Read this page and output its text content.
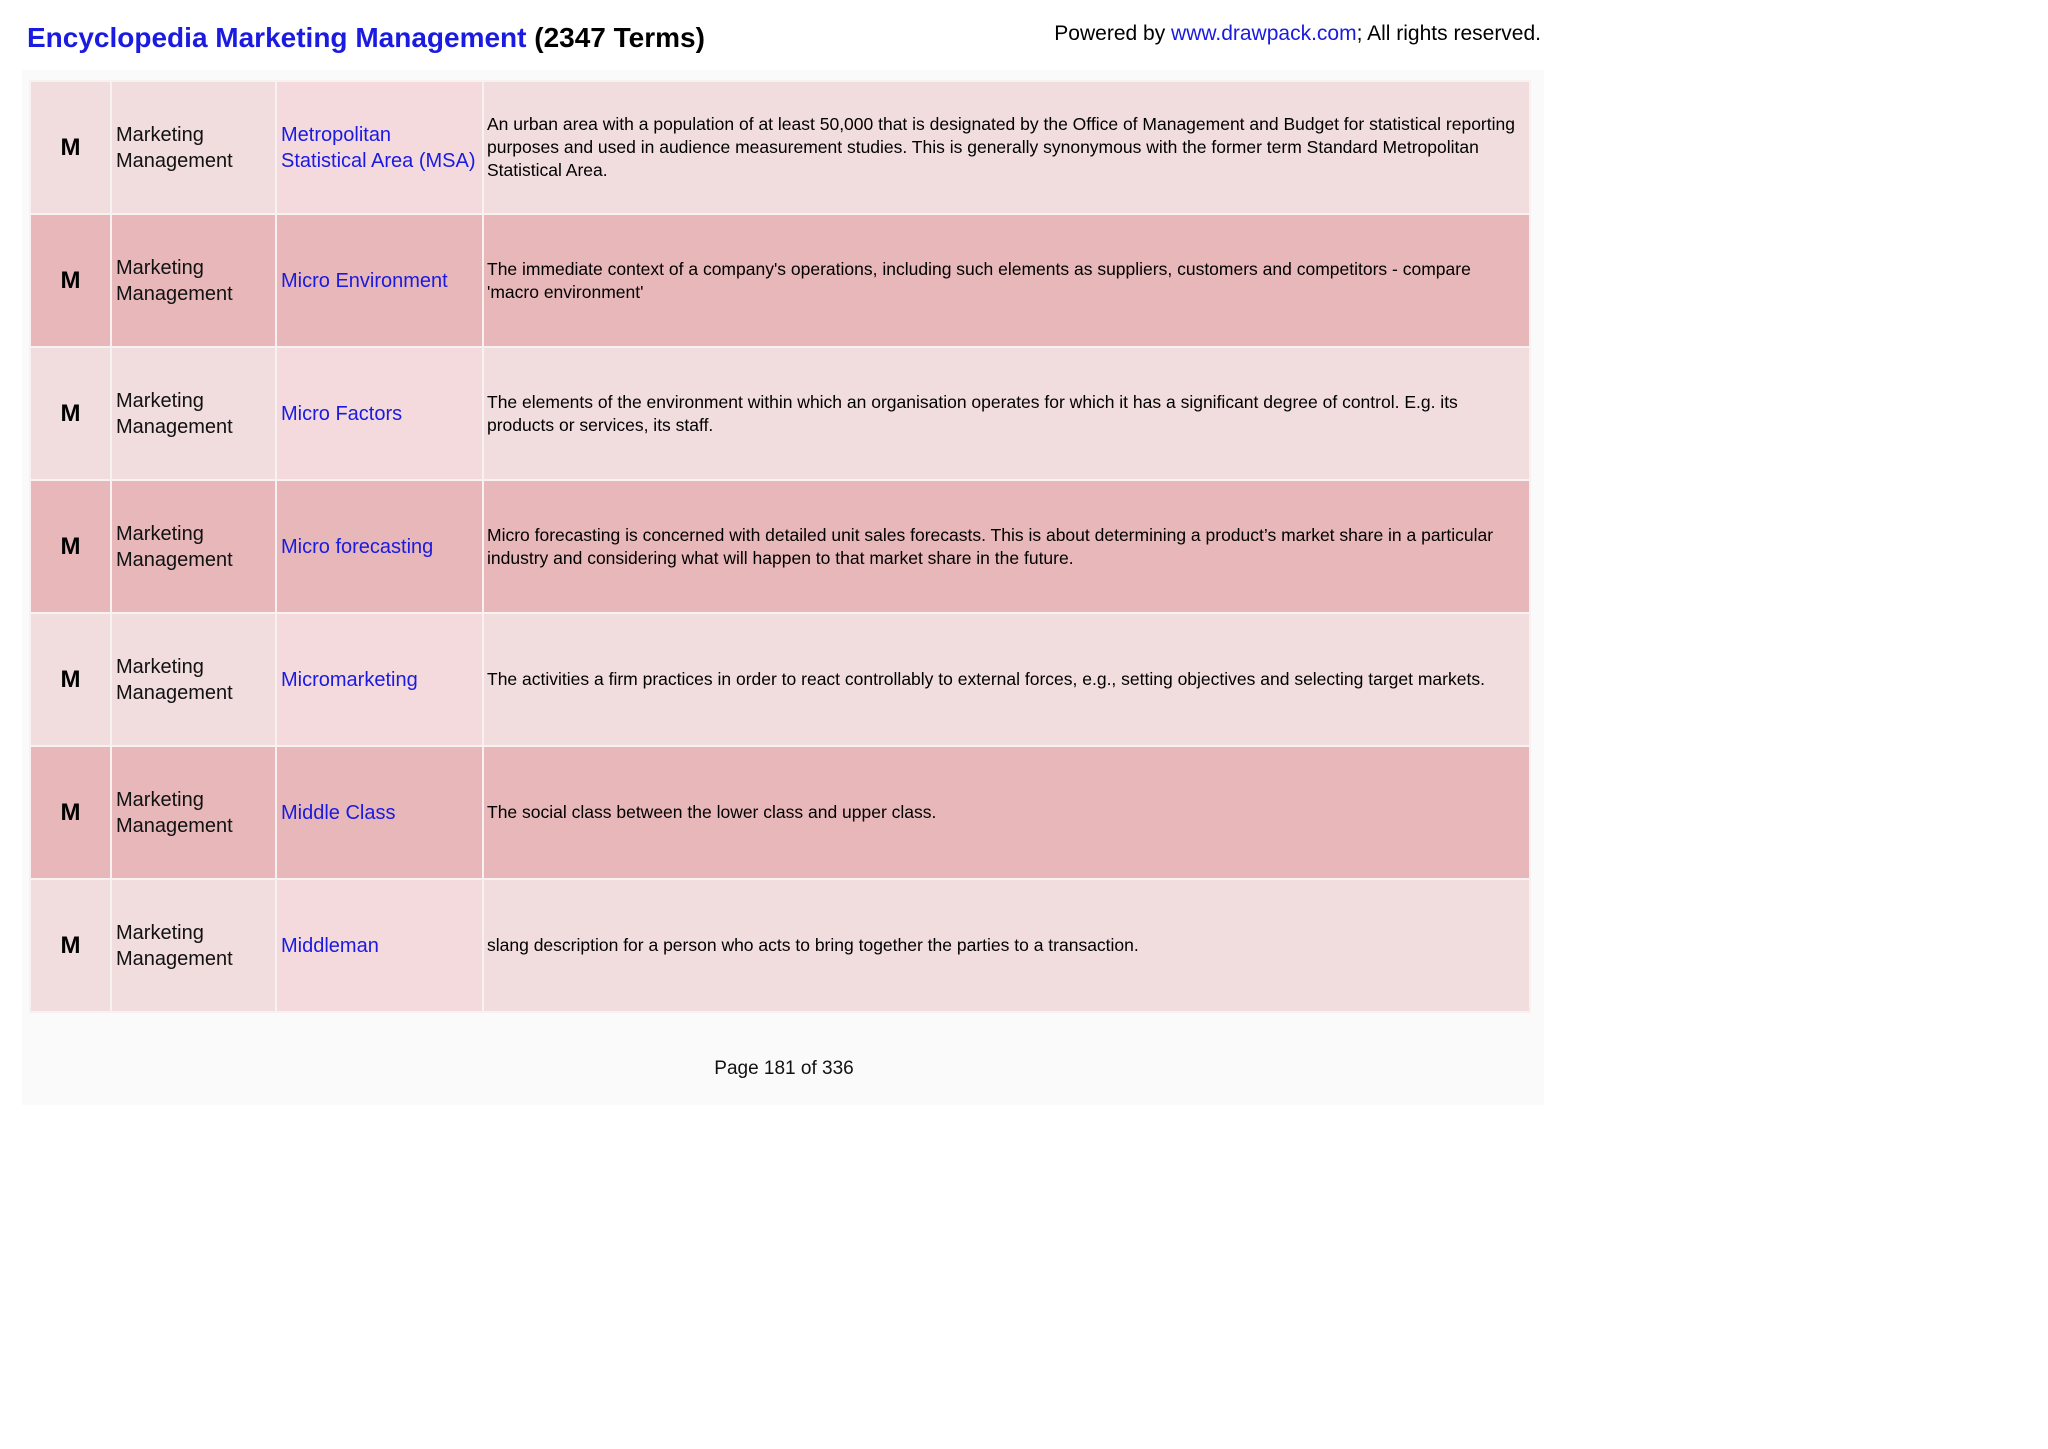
Encyclopedia Marketing Management (2347 Terms)	Powered by www.drawpack.com; All rights reserved.
M	Marketing Management	Metropolitan Statistical Area (MSA)	An urban area with a population of at least 50,000 that is designated by the Office of Management and Budget for statistical reporting purposes and used in audience measurement studies. This is generally synonymous with the former term Standard Metropolitan Statistical Area.

M	Marketing Management	Micro Environment	The immediate context of a company's operations, including such elements as suppliers, customers and competitors - compare 'macro environment'

M	Marketing Management	Micro Factors	The elements of the environment within which an organisation operates for which it has a significant degree of control. E.g. its products or services, its staff.

M	Marketing Management	Micro forecasting	Micro forecasting is concerned with detailed unit sales forecasts. This is about determining a product’s market share in a particular industry and considering what will happen to that market share in the future.

M	Marketing Management	Micromarketing	The activities a firm practices in order to react controllably to external forces, e.g., setting objectives and selecting target markets.

M	Marketing Management	Middle Class	The social class between the lower class and upper class.

M	Marketing Management	Middleman	slang description for a person who acts to bring together the parties to a transaction.
Page 181 of 336
